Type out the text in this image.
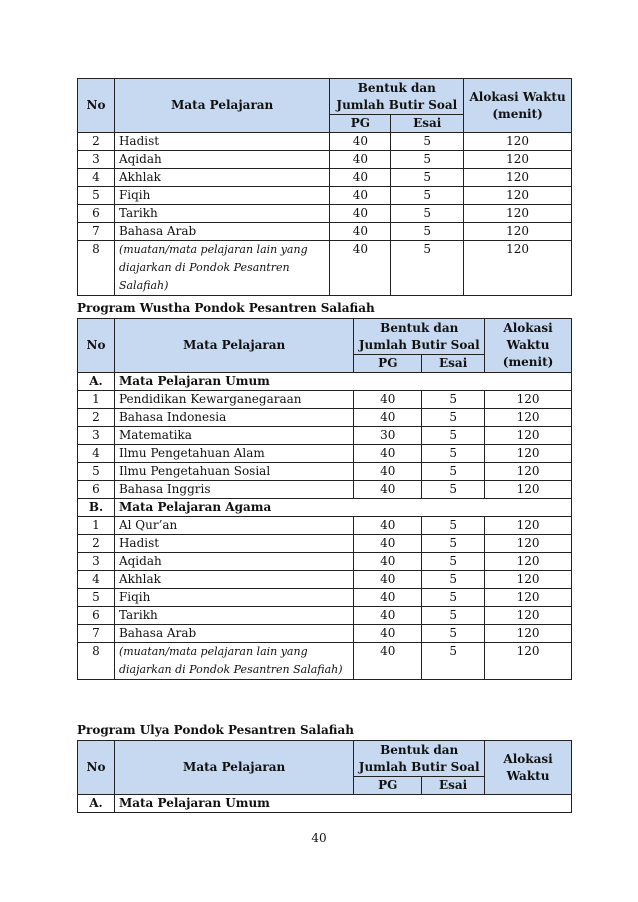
No	Mata Pelajaran	Bentuk dan Jumlah Butir Soal		Alokasi Waktu (menit)
		PG	Esai	
2	Hadist	40	5	120
3	Aqidah	40	5	120
4	Akhlak	40	5	120
5	Fiqih	40	5	120
6	Tarikh	40	5	120
7	Bahasa Arab	40	5	120
8	(muatan/mata pelajaran lain yang diajarkan di Pondok Pesantren Salafiah)	40	5	120
Program Wustha Pondok Pesantren Salafiah
No	Mata Pelajaran	Bentuk dan Jumlah Butir Soal		Alokasi Waktu (menit)
		PG	Esai	
A.	Mata Pelajaran Umum			
1	Pendidikan Kewarganegaraan	40	5	120
2	Bahasa Indonesia	40	5	120
3	Matematika	30	5	120
4	Ilmu Pengetahuan Alam	40	5	120
5	Ilmu Pengetahuan Sosial	40	5	120
6	Bahasa Inggris	40	5	120
B.	Mata Pelajaran Agama			
1	Al Qur’an	40	5	120
2	Hadist	40	5	120
3	Aqidah	40	5	120
4	Akhlak	40	5	120
5	Fiqih	40	5	120
6	Tarikh	40	5	120
7	Bahasa Arab	40	5	120
8	(muatan/mata pelajaran lain yang diajarkan di Pondok Pesantren Salafiah)	40	5	120
Program Ulya Pondok Pesantren Salafiah
No	Mata Pelajaran	Bentuk dan Jumlah Butir Soal		Alokasi Waktu
		PG	Esai	
A.	Mata Pelajaran Umum			
40
